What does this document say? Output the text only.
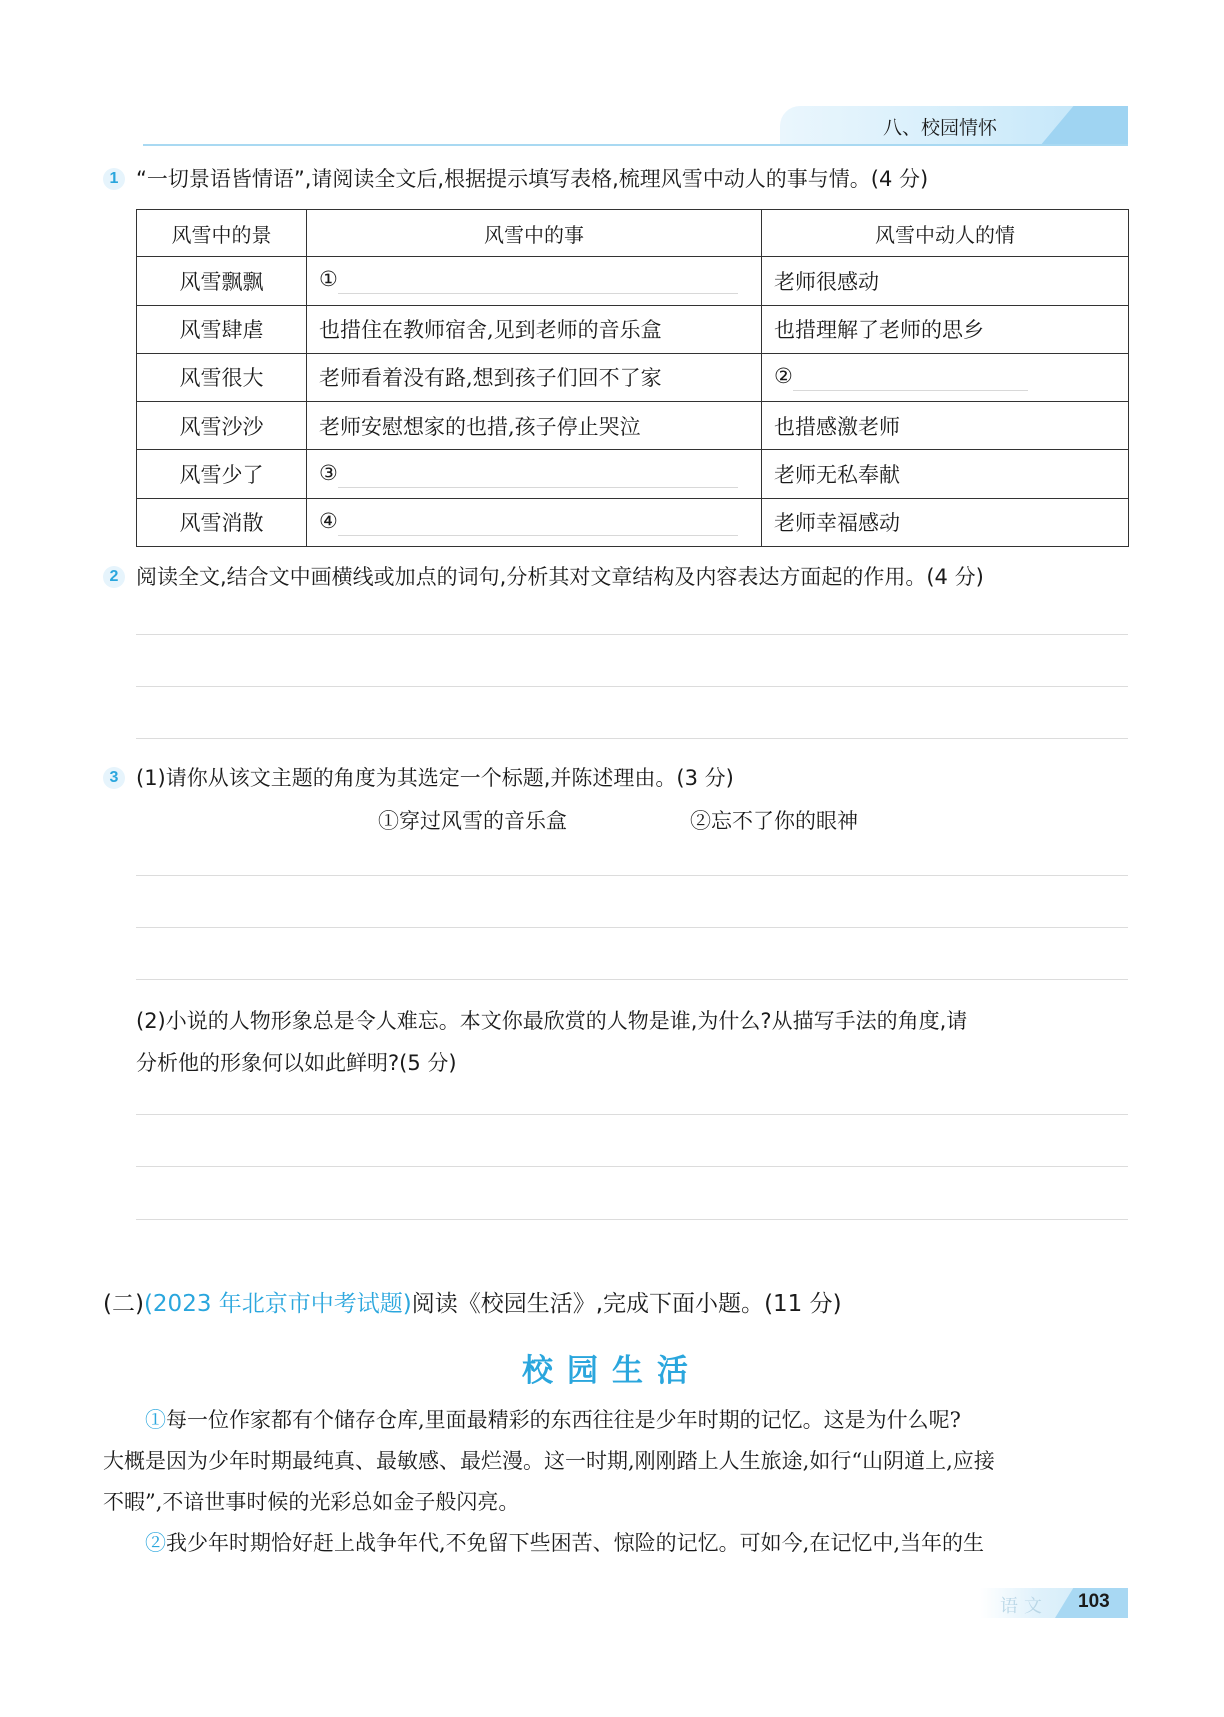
八、校园情怀
1 “一切景语皆情语”,请阅读全文后,根据提示填写表格,梳理风雪中动人的事与情。(4 分)
风雪中的景	风雪中的事	风雪中动人的情
风雪飘飘	①	老师很感动
风雪肆虐	也措住在教师宿舍,见到老师的音乐盒	也措理解了老师的思乡
风雪很大	老师看着没有路,想到孩子们回不了家	②
风雪沙沙	老师安慰想家的也措,孩子停止哭泣	也措感激老师
风雪少了	③	老师无私奉献
风雪消散	④	老师幸福感动
2 阅读全文,结合文中画横线或加点的词句,分析其对文章结构及内容表达方面起的作用。(4 分)
3 (1)请你从该文主题的角度为其选定一个标题,并陈述理由。(3 分)
①穿过风雪的音乐盒	②忘不了你的眼神
(2)小说的人物形象总是令人难忘。本文你最欣赏的人物是谁,为什么?从描写手法的角度,请
分析他的形象何以如此鲜明?(5 分)
(二)(2023 年北京市中考试题)阅读《校园生活》,完成下面小题。(11 分)
校园生活
①每一位作家都有个储存仓库,里面最精彩的东西往往是少年时期的记忆。这是为什么呢?
大概是因为少年时期最纯真、最敏感、最烂漫。这一时期,刚刚踏上人生旅途,如行“山阴道上,应接
不暇”,不谙世事时候的光彩总如金子般闪亮。
②我少年时期恰好赶上战争年代,不免留下些困苦、惊险的记忆。可如今,在记忆中,当年的生
语文 103
